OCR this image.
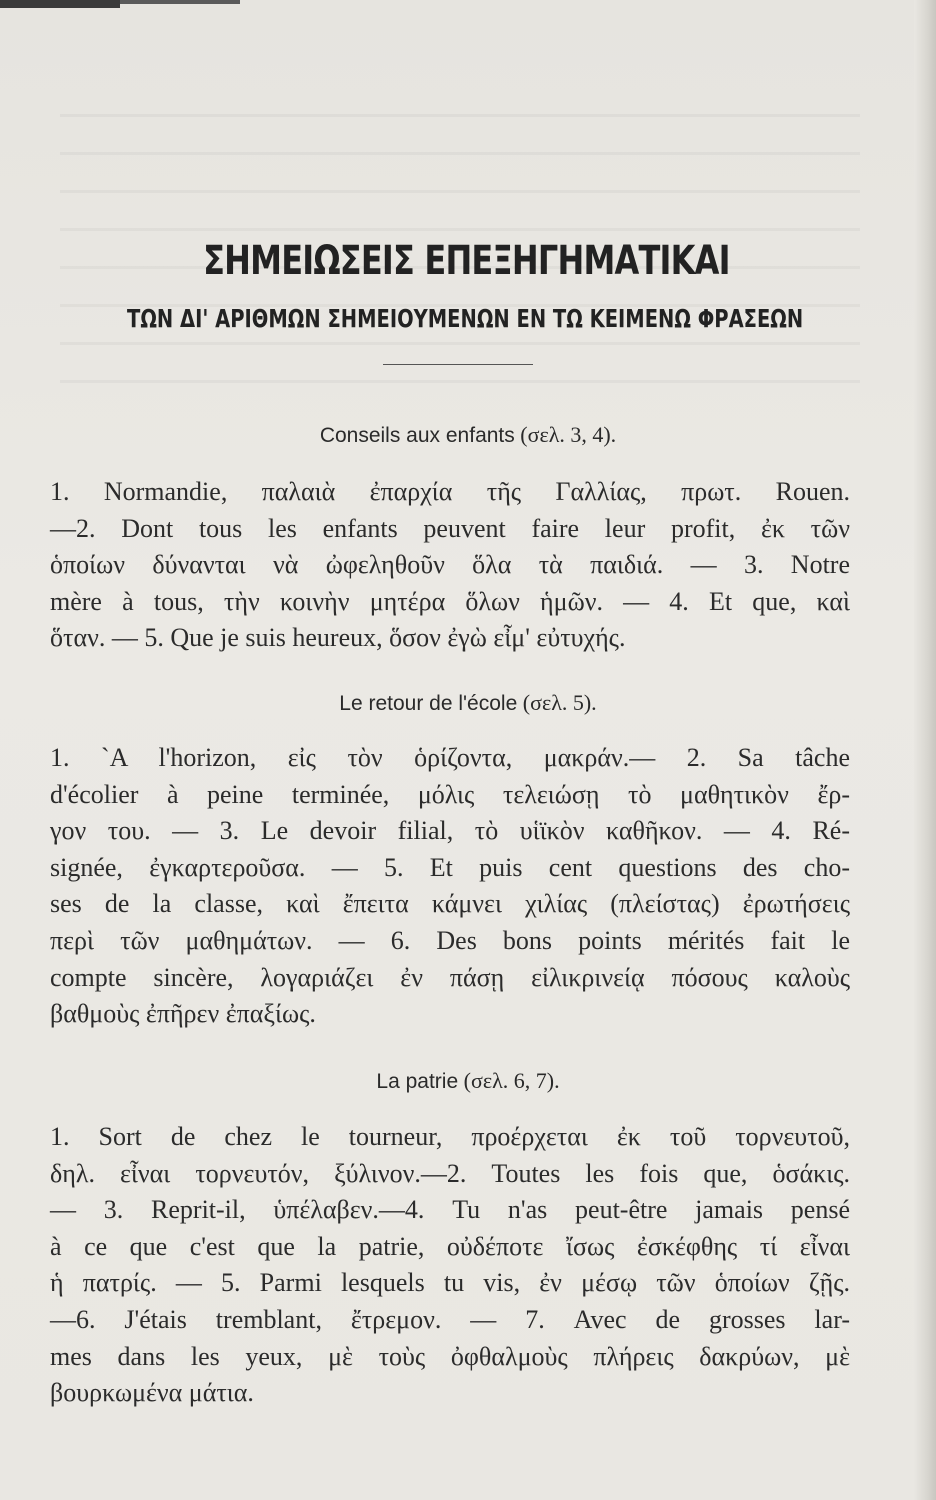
ΣΗΜΕΙΩΣΕΙΣ ΕΠΕΞΗΓΗΜΑΤΙΚΑΙ
ΤΩΝ ΔΙ' ΑΡΙΘΜΩΝ ΣΗΜΕΙΟΥΜΕΝΩΝ ΕΝ ΤΩ ΚΕΙΜΕΝΩ ΦΡΑΣΕΩΝ
Conseils aux enfants (σελ. 3, 4).
1. Normandie, παλαιὰ ἐπαρχία τῆς Γαλλίας, πρωτ. Rouen.
—2. Dont tous les enfants peuvent faire leur profit, ἐκ τῶν
ὁποίων δύνανται νὰ ὠφεληθοῦν ὅλα τὰ παιδιά. — 3. Notre
mère à tous, τὴν κοινὴν μητέρα ὅλων ἡμῶν. — 4. Et que, καὶ
ὅταν. — 5. Que je suis heureux, ὅσον ἐγὼ εἶμ' εὐτυχής.
Le retour de l'école (σελ. 5).
1. `A l'horizon, εἰς τὸν ὁρίζοντα, μακράν.— 2. Sa tâche
d'écolier à peine terminée, μόλις τελειώσῃ τὸ μαθητικὸν ἔρ-
γον του. — 3. Le devoir filial, τὸ υἱϊκὸν καθῆκον. — 4. Ré-
signée, ἐγκαρτεροῦσα. — 5. Et puis cent questions des cho-
ses de la classe, καὶ ἔπειτα κάμνει χιλίας (πλείστας) ἐρωτήσεις
περὶ τῶν μαθημάτων. — 6. Des bons points mérités fait le
compte sincère, λογαριάζει ἐν πάσῃ εἰλικρινείᾳ πόσους καλοὺς
βαθμοὺς ἐπῆρεν ἐπαξίως.
La patrie (σελ. 6, 7).
1. Sort de chez le tourneur, προέρχεται ἐκ τοῦ τορνευτοῦ,
δηλ. εἶναι τορνευτόν, ξύλινον.—2. Toutes les fois que, ὁσάκις.
— 3. Reprit-il, ὑπέλαβεν.—4. Tu n'as peut-être jamais pensé
à ce que c'est que la patrie, οὐδέποτε ἴσως ἐσκέφθης τί εἶναι
ἡ πατρίς. — 5. Parmi lesquels tu vis, ἐν μέσῳ τῶν ὁποίων ζῇς.
—6. J'étais tremblant, ἔτρεμον. — 7. Avec de grosses lar-
mes dans les yeux, μὲ τοὺς ὀφθαλμοὺς πλήρεις δακρύων, μὲ
βουρκωμένα μάτια.
